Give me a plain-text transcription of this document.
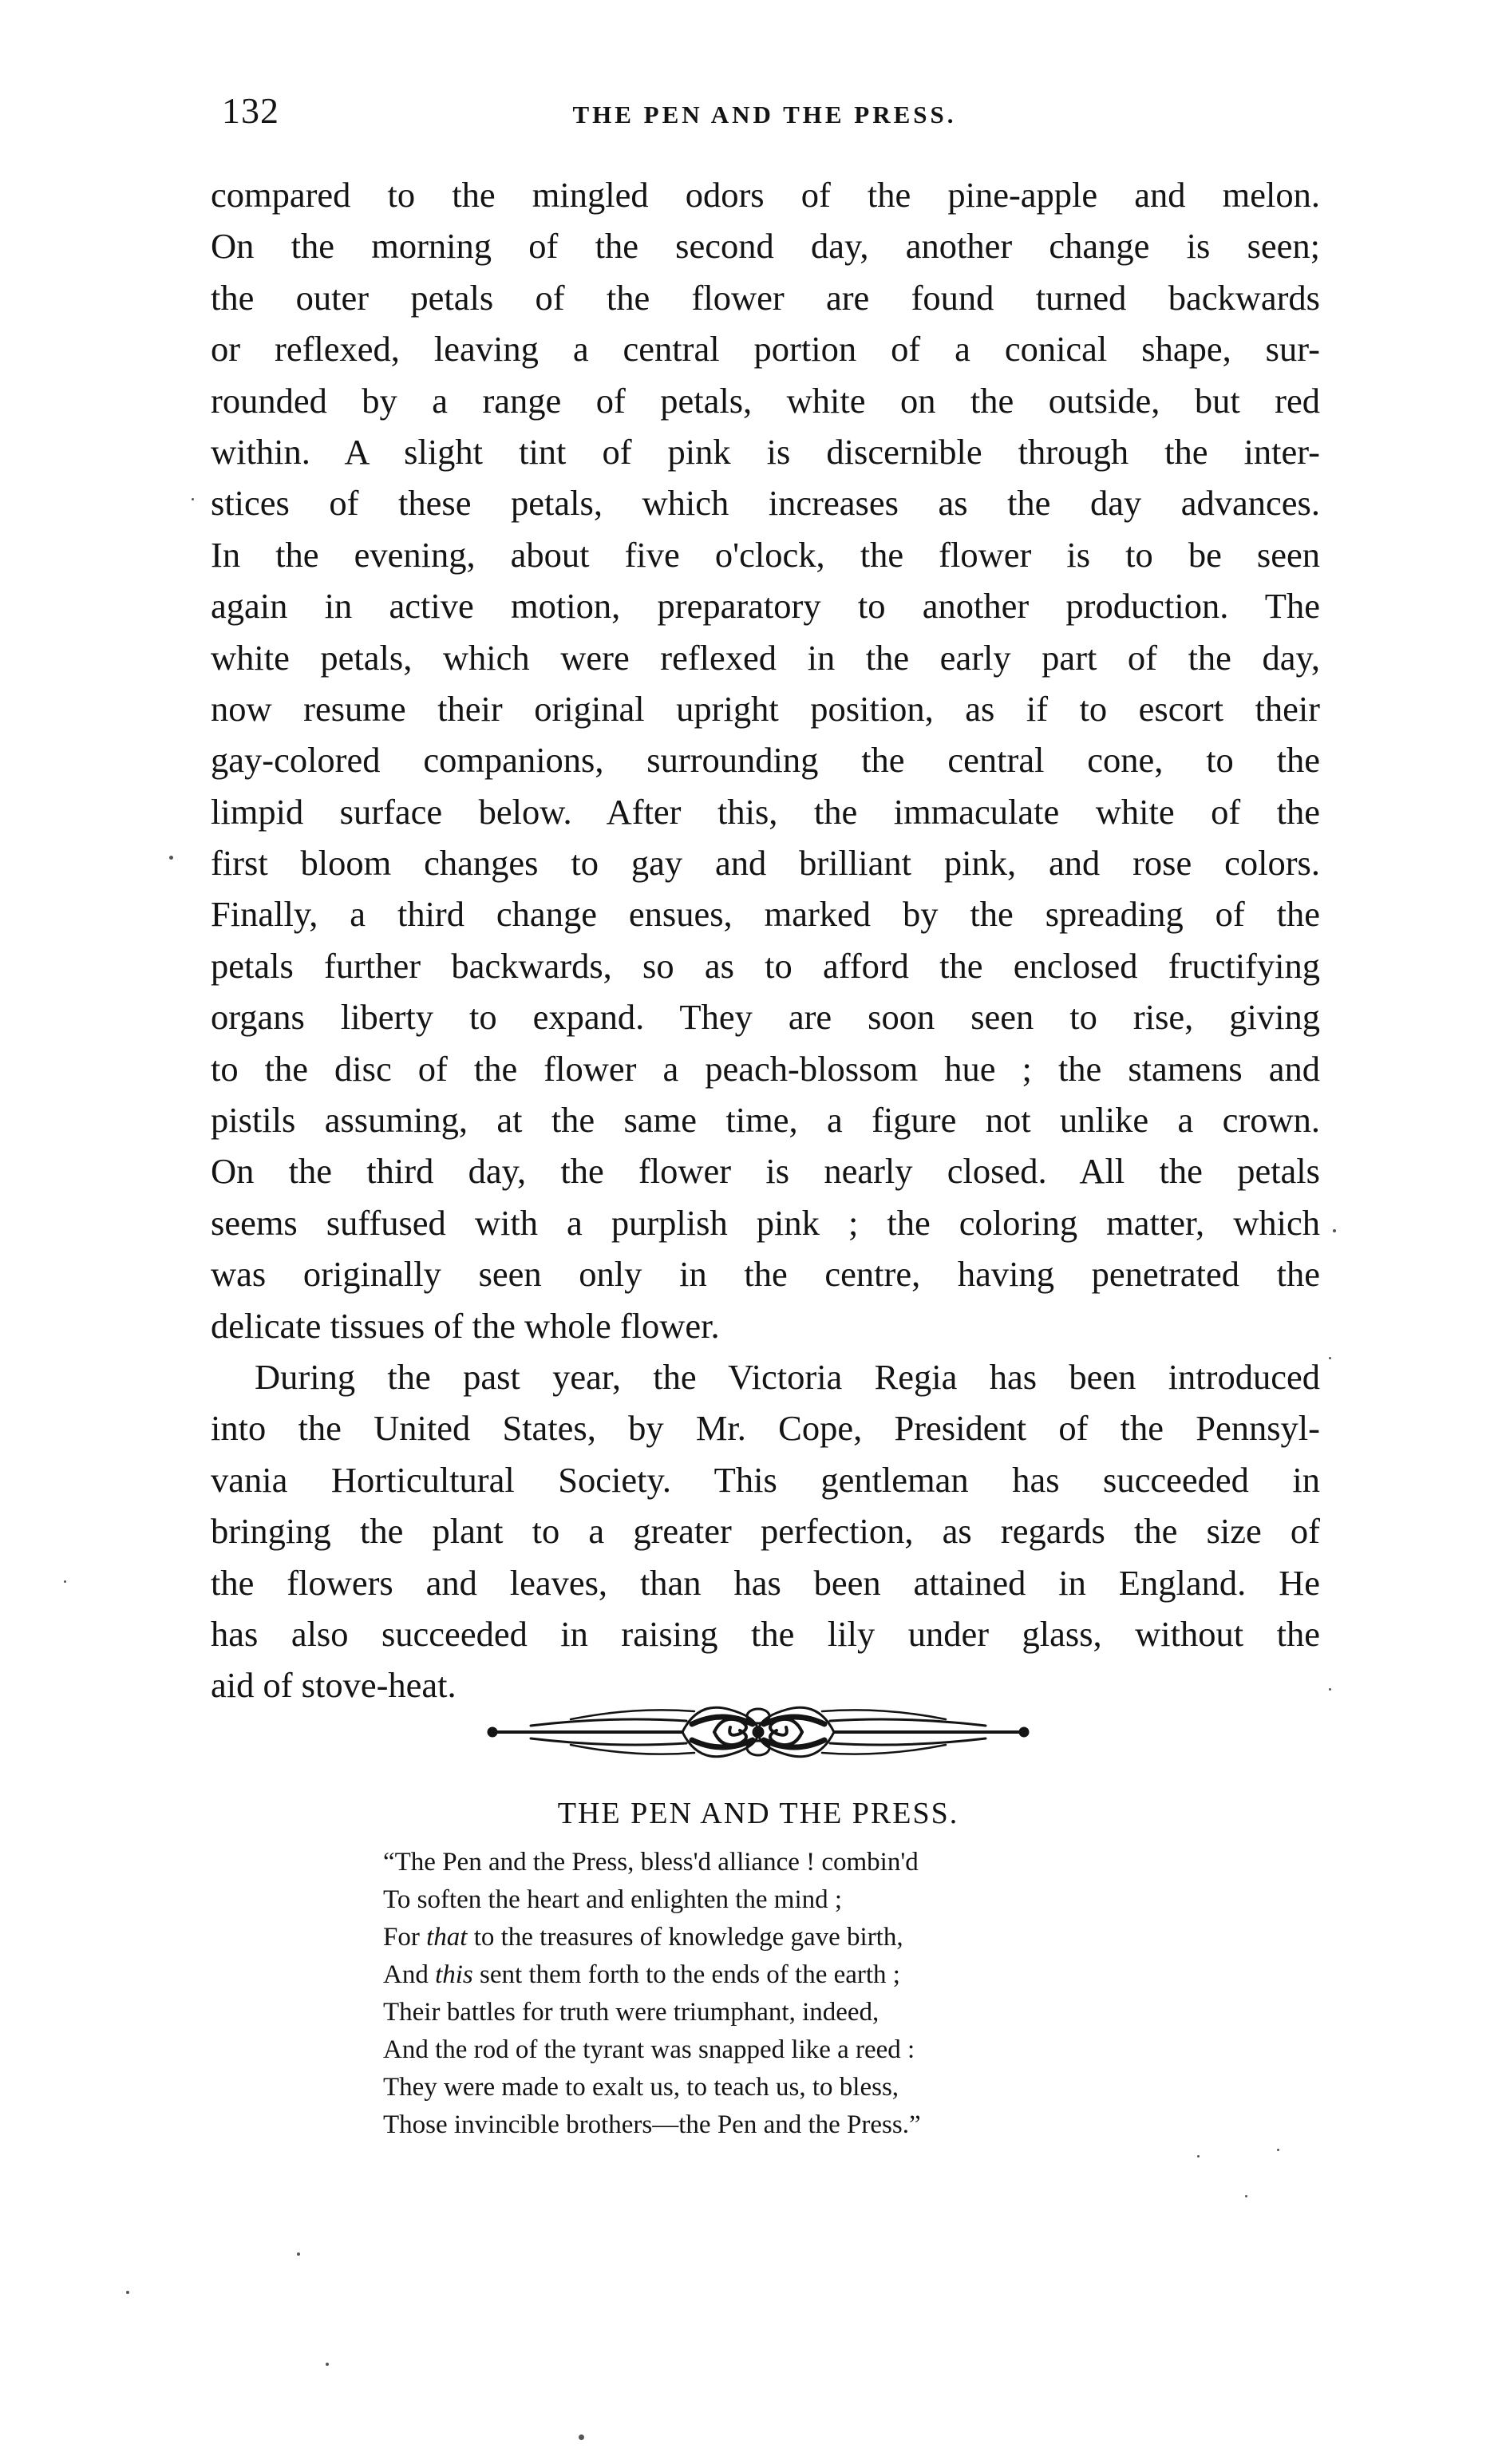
132	THE PEN AND THE PRESS.
compared to the mingled odors of the pine-apple and melon.
On the morning of the second day, another change is seen;
the outer petals of the flower are found turned backwards
or reflexed, leaving a central portion of a conical shape, sur-
rounded by a range of petals, white on the outside, but red
within. A slight tint of pink is discernible through the inter-
stices of these petals, which increases as the day advances.
In the evening, about five o'clock, the flower is to be seen
again in active motion, preparatory to another production. The
white petals, which were reflexed in the early part of the day,
now resume their original upright position, as if to escort their
gay-colored companions, surrounding the central cone, to the
limpid surface below. After this, the immaculate white of the
first bloom changes to gay and brilliant pink, and rose colors.
Finally, a third change ensues, marked by the spreading of the
petals further backwards, so as to afford the enclosed fructifying
organs liberty to expand. They are soon seen to rise, giving
to the disc of the flower a peach-blossom hue ; the stamens and
pistils assuming, at the same time, a figure not unlike a crown.
On the third day, the flower is nearly closed. All the petals
seems suffused with a purplish pink ; the coloring matter, which
was originally seen only in the centre, having penetrated the
delicate tissues of the whole flower.
During the past year, the Victoria Regia has been introduced
into the United States, by Mr. Cope, President of the Pennsyl-
vania Horticultural Society. This gentleman has succeeded in
bringing the plant to a greater perfection, as regards the size of
the flowers and leaves, than has been attained in England. He
has also succeeded in raising the lily under glass, without the
aid of stove-heat.
THE PEN AND THE PRESS.
“The Pen and the Press, bless'd alliance ! combin'd
To soften the heart and enlighten the mind ;
For that to the treasures of knowledge gave birth,
And this sent them forth to the ends of the earth ;
Their battles for truth were triumphant, indeed,
And the rod of the tyrant was snapped like a reed :
They were made to exalt us, to teach us, to bless,
Those invincible brothers—the Pen and the Press.”
